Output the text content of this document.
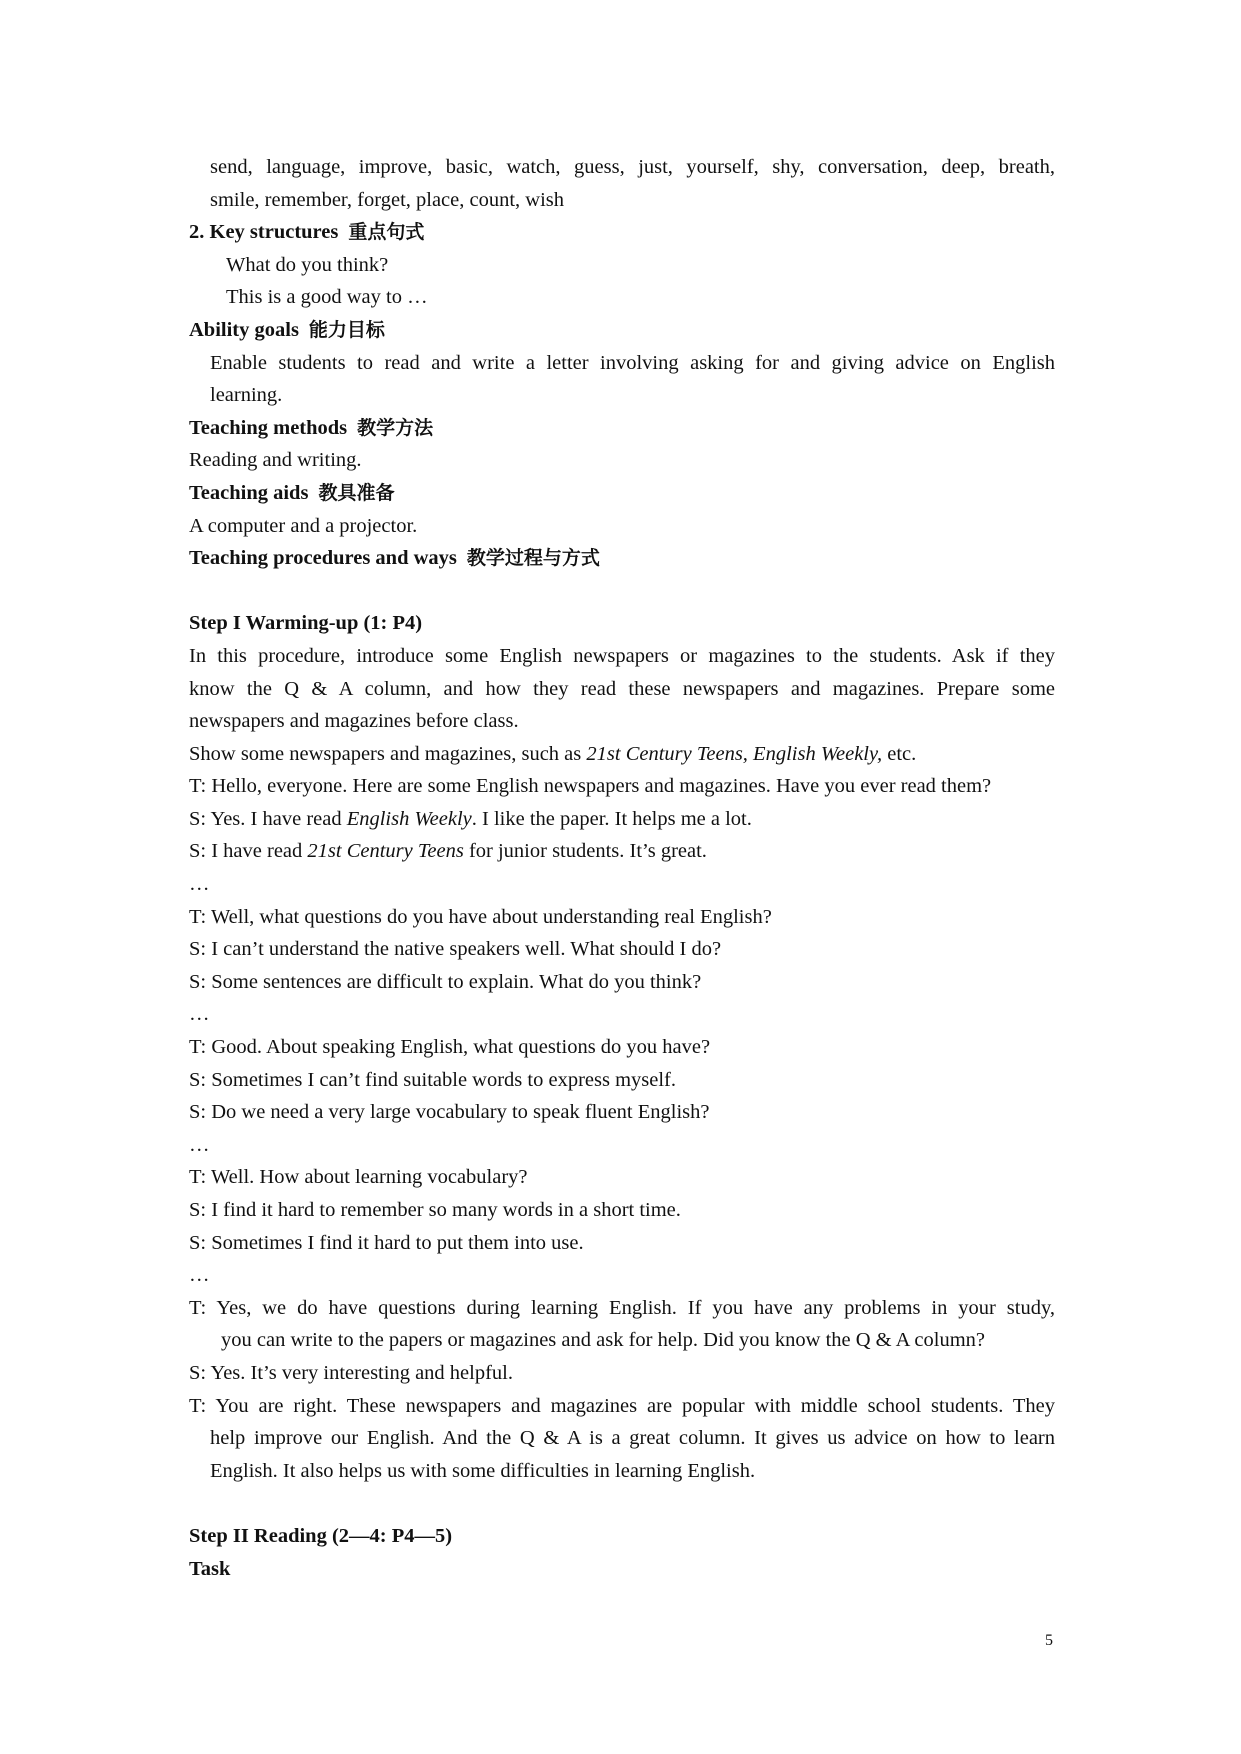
send, language, improve, basic, watch, guess, just, yourself, shy, conversation, deep, breath,

smile, remember, forget, place, count, wish

2. Key structures 重点句式

What do you think?

This is a good way to …

Ability goals 能力目标

Enable students to read and write a letter involving asking for and giving advice on English

learning.

Teaching methods 教学方法

Reading and writing.

Teaching aids 教具准备

A computer and a projector.

Teaching procedures and ways 教学过程与方式

Step I Warming-up (1: P4)

In this procedure, introduce some English newspapers or magazines to the students. Ask if they

know the Q & A column, and how they read these newspapers and magazines. Prepare some

newspapers and magazines before class.

Show some newspapers and magazines, such as 21st Century Teens, English Weekly, etc.

T: Hello, everyone. Here are some English newspapers and magazines. Have you ever read them?

S: Yes. I have read English Weekly. I like the paper. It helps me a lot.

S: I have read 21st Century Teens for junior students. It’s great.

…

T: Well, what questions do you have about understanding real English?

S: I can’t understand the native speakers well. What should I do?

S: Some sentences are difficult to explain. What do you think?

…

T: Good. About speaking English, what questions do you have?

S: Sometimes I can’t find suitable words to express myself.

S: Do we need a very large vocabulary to speak fluent English?

…

T: Well. How about learning vocabulary?

S: I find it hard to remember so many words in a short time.

S: Sometimes I find it hard to put them into use.

…

T: Yes, we do have questions during learning English. If you have any problems in your study,

you can write to the papers or magazines and ask for help. Did you know the Q & A column?

S: Yes. It’s very interesting and helpful.

T: You are right. These newspapers and magazines are popular with middle school students. They

help improve our English. And the Q & A is a great column. It gives us advice on how to learn

English. It also helps us with some difficulties in learning English.

Step II Reading (2—4: P4—5)

Task

5
